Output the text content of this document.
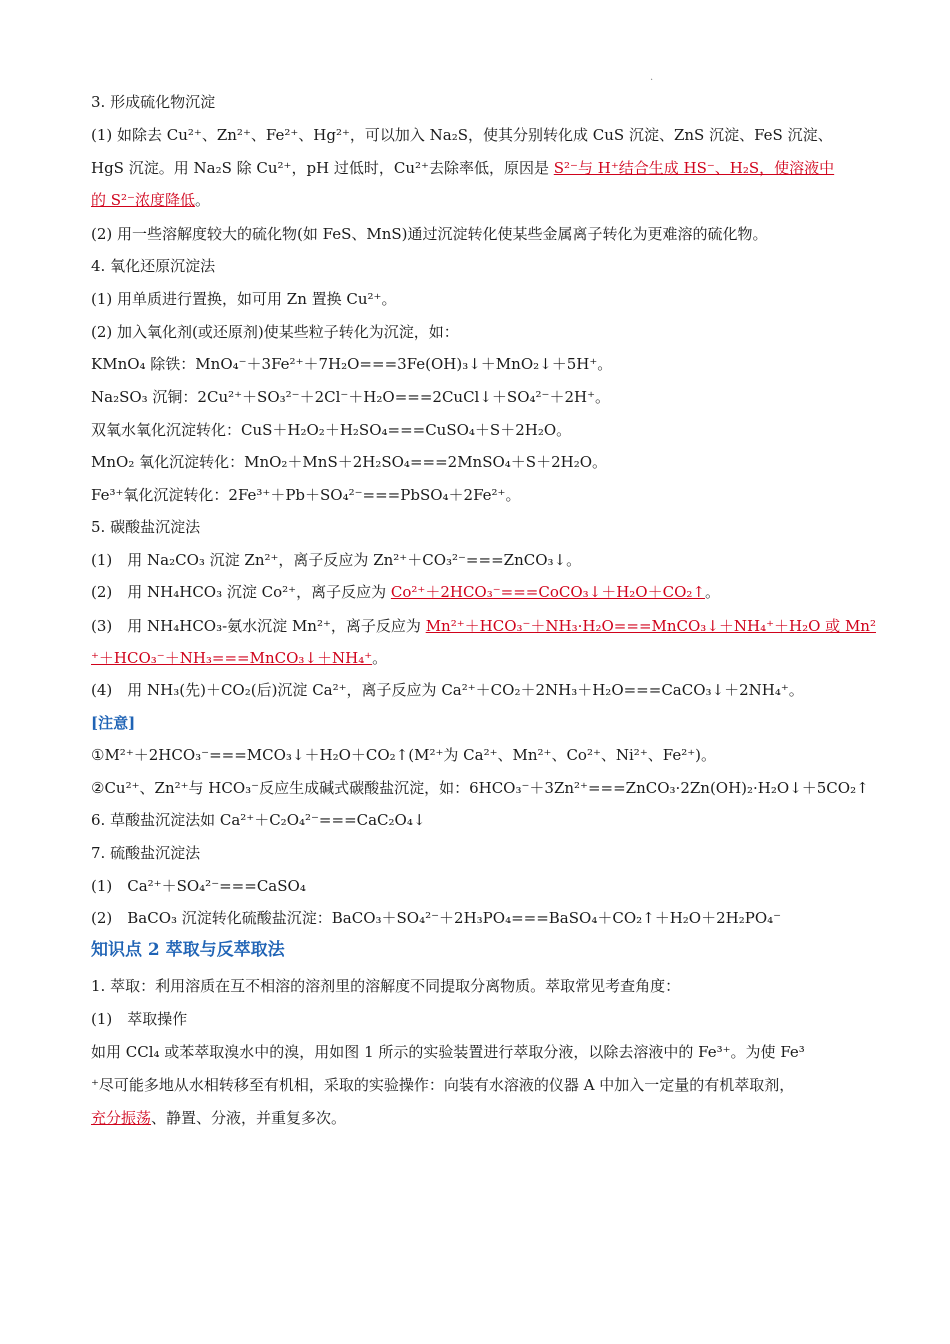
.
3. 形成硫化物沉淀
(1) 如除去 Cu²⁺、Zn²⁺、Fe²⁺、Hg²⁺，可以加入 Na₂S，使其分别转化成 CuS 沉淀、ZnS 沉淀、FeS 沉淀、
HgS 沉淀。用 Na₂S 除 Cu²⁺，pH 过低时，Cu²⁺去除率低，原因是 S²⁻与 H⁺结合生成 HS⁻、H₂S，使溶液中
的 S²⁻浓度降低。
(2) 用一些溶解度较大的硫化物(如 FeS、MnS)通过沉淀转化使某些金属离子转化为更难溶的硫化物。
4. 氧化还原沉淀法
(1) 用单质进行置换，如可用 Zn 置换 Cu²⁺。
(2) 加入氧化剂(或还原剂)使某些粒子转化为沉淀，如：
KMnO₄ 除铁：MnO₄⁻＋3Fe²⁺＋7H₂O===3Fe(OH)₃↓＋MnO₂↓＋5H⁺。
Na₂SO₃ 沉铜：2Cu²⁺＋SO₃²⁻＋2Cl⁻＋H₂O===2CuCl↓＋SO₄²⁻＋2H⁺。
双氧水氧化沉淀转化：CuS＋H₂O₂＋H₂SO₄===CuSO₄＋S＋2H₂O。
MnO₂ 氧化沉淀转化：MnO₂＋MnS＋2H₂SO₄===2MnSO₄＋S＋2H₂O。
Fe³⁺氧化沉淀转化：2Fe³⁺＋Pb＋SO₄²⁻===PbSO₄＋2Fe²⁺。
5. 碳酸盐沉淀法
(1)　用 Na₂CO₃ 沉淀 Zn²⁺，离子反应为 Zn²⁺＋CO₃²⁻===ZnCO₃↓。
(2)　用 NH₄HCO₃ 沉淀 Co²⁺，离子反应为 Co²⁺＋2HCO₃⁻===CoCO₃↓＋H₂O＋CO₂↑。
(3)　用 NH₄HCO₃-氨水沉淀 Mn²⁺，离子反应为 Mn²⁺＋HCO₃⁻＋NH₃·H₂O===MnCO₃↓＋NH₄⁺＋H₂O 或 Mn²
⁺＋HCO₃⁻＋NH₃===MnCO₃↓＋NH₄⁺。
(4)　用 NH₃(先)＋CO₂(后)沉淀 Ca²⁺，离子反应为 Ca²⁺＋CO₂＋2NH₃＋H₂O===CaCO₃↓＋2NH₄⁺。
[注意]
①M²⁺＋2HCO₃⁻===MCO₃↓＋H₂O＋CO₂↑(M²⁺为 Ca²⁺、Mn²⁺、Co²⁺、Ni²⁺、Fe²⁺)。
②Cu²⁺、Zn²⁺与 HCO₃⁻反应生成碱式碳酸盐沉淀，如：6HCO₃⁻＋3Zn²⁺===ZnCO₃·2Zn(OH)₂·H₂O↓＋5CO₂↑
6. 草酸盐沉淀法如 Ca²⁺＋C₂O₄²⁻===CaC₂O₄↓
7. 硫酸盐沉淀法
(1)　Ca²⁺＋SO₄²⁻===CaSO₄
(2)　BaCO₃ 沉淀转化硫酸盐沉淀：BaCO₃＋SO₄²⁻＋2H₃PO₄===BaSO₄＋CO₂↑＋H₂O＋2H₂PO₄⁻
知识点 2 萃取与反萃取法
1. 萃取：利用溶质在互不相溶的溶剂里的溶解度不同提取分离物质。萃取常见考查角度：
(1)　萃取操作
如用 CCl₄ 或苯萃取溴水中的溴，用如图 1 所示的实验装置进行萃取分液，以除去溶液中的 Fe³⁺。为使 Fe³
⁺尽可能多地从水相转移至有机相，采取的实验操作：向装有水溶液的仪器 A 中加入一定量的有机萃取剂，
充分振荡、静置、分液，并重复多次。
